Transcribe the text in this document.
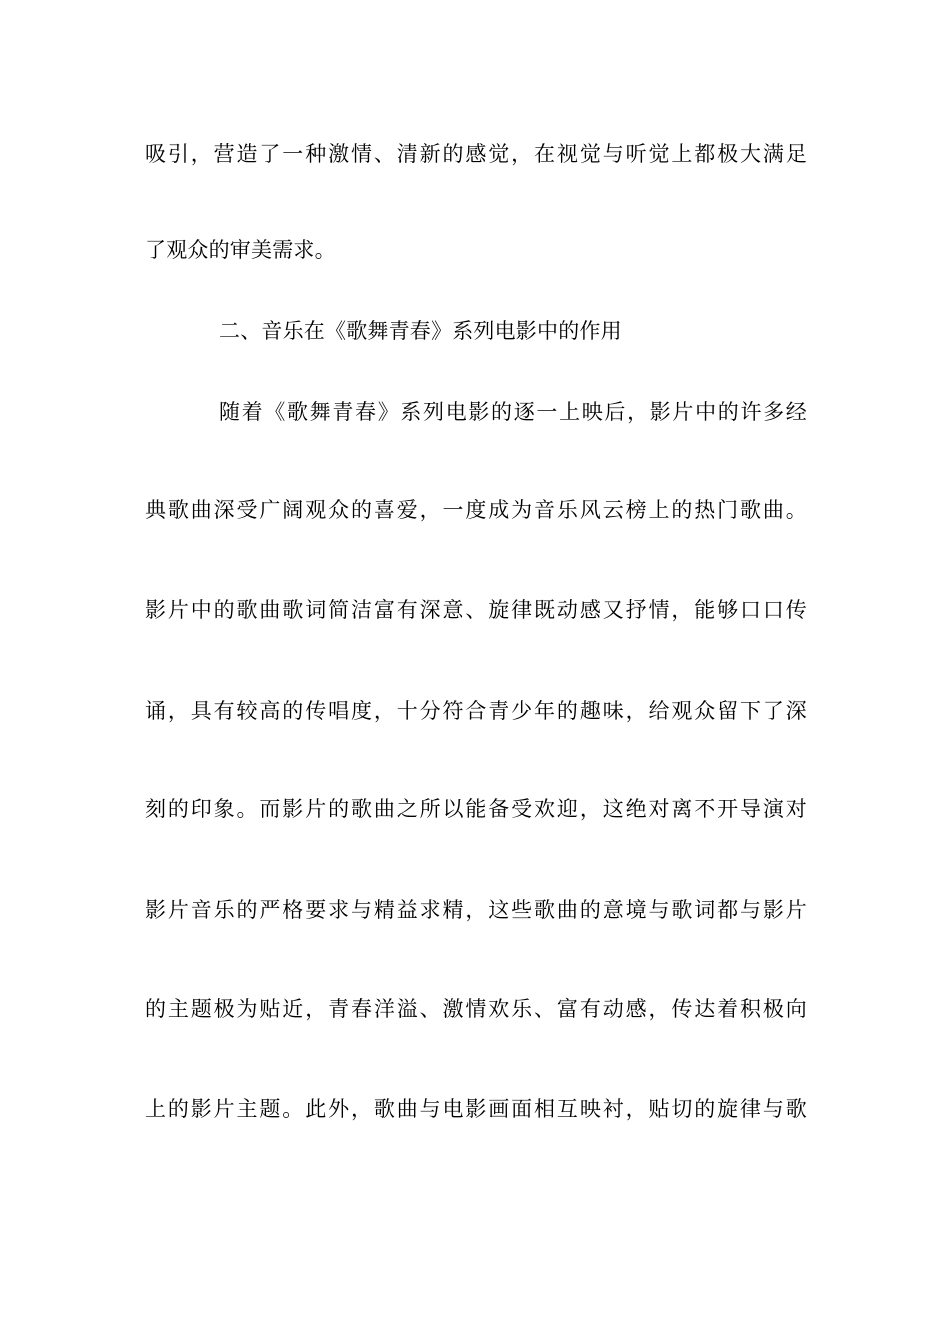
吸引，营造了一种激情、清新的感觉，在视觉与听觉上都极大满足
了观众的审美需求。
二、音乐在《歌舞青春》系列电影中的作用
随着《歌舞青春》系列电影的逐一上映后，影片中的许多经
典歌曲深受广阔观众的喜爱，一度成为音乐风云榜上的热门歌曲。
影片中的歌曲歌词简洁富有深意、旋律既动感又抒情，能够口口传
诵，具有较高的传唱度，十分符合青少年的趣味，给观众留下了深
刻的印象。而影片的歌曲之所以能备受欢迎，这绝对离不开导演对
影片音乐的严格要求与精益求精，这些歌曲的意境与歌词都与影片
的主题极为贴近，青春洋溢、激情欢乐、富有动感，传达着积极向
上的影片主题。此外，歌曲与电影画面相互映衬，贴切的旋律与歌
